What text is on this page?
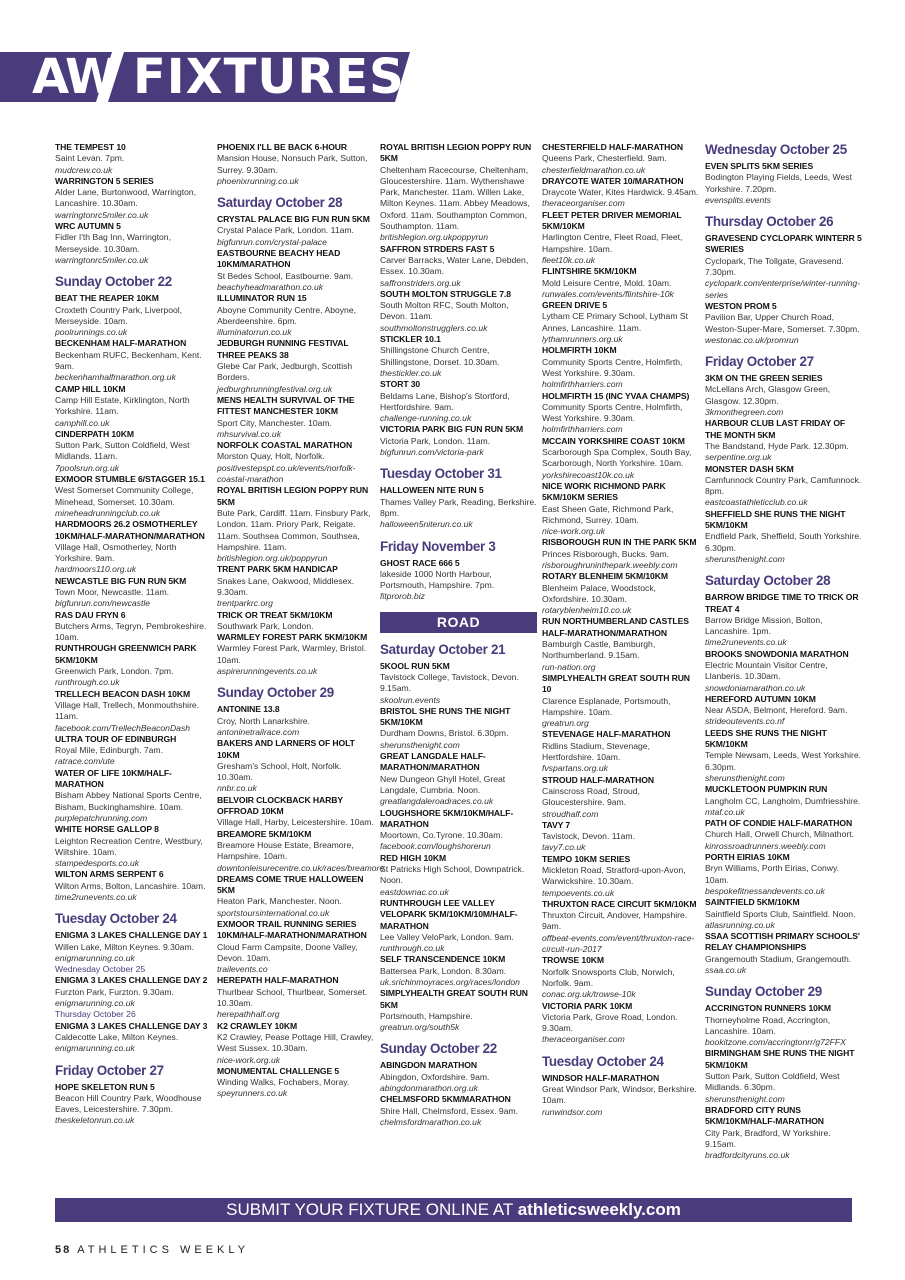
AW FIXTURES
THE TEMPEST 10
Saint Levan. 7pm.
mudcrew.co.uk
WARRINGTON 5 SERIES
Alder Lane, Burtonwood, Warrington, Lancashire. 10.30am.
warringtonrc5miler.co.uk
WRC AUTUMN 5
Fidler I'th Bag Inn, Warrington, Merseyside. 10.30am.
warringtonrc5miler.co.uk
Sunday October 22
BEAT THE REAPER 10KM
Croxteth Country Park, Liverpool, Merseyside. 10am.
poolrunnings.co.uk
BECKENHAM HALF-MARATHON
Beckenham RUFC, Beckenham, Kent. 9am.
beckenhamhalfmarathon.org.uk
CAMP HILL 10KM
Camp Hill Estate, Kirklington, North Yorkshire. 11am.
camphill.co.uk
CINDERPATH 10KM
Sutton Park, Sutton Coldfield, West Midlands. 11am.
7poolsrun.org.uk
EXMOOR STUMBLE 6/STAGGER 15.1
West Somerset Community College, Minehead, Somerset. 10.30am.
mineheadrunningclub.co.uk
HARDMOORS 26.2 OSMOTHERLEY 10KM/HALF-MARATHON/MARATHON
Village Hall, Osmotherley, North Yorkshire. 9am.
hardmoors110.org.uk
NEWCASTLE BIG FUN RUN 5KM
Town Moor, Newcastle. 11am.
bigfunrun.com/newcastle
RAS DAU FRYN 6
Butchers Arms, Tegryn, Pembrokeshire. 10am.
RUNTHROUGH GREENWICH PARK 5KM/10KM
Greenwich Park, London. 7pm.
runthrough.co.uk
TRELLECH BEACON DASH 10KM
Village Hall, Trellech, Monmouthshire. 11am.
facebook.com/TrellechBeaconDash
ULTRA TOUR OF EDINBURGH
Royal Mile, Edinburgh. 7am.
ratrace.com/ute
WATER OF LIFE 10KM/HALF-MARATHON
Bisham Abbey National Sports Centre, Bisham, Buckinghamshire. 10am.
purplepatchrunning.com
WHITE HORSE GALLOP 8
Leighton Recreation Centre, Westbury, Wiltshire. 10am.
stampedesports.co.uk
WILTON ARMS SERPENT 6
Wilton Arms, Bolton, Lancashire. 10am.
time2runevents.co.uk
Tuesday October 24
ENIGMA 3 LAKES CHALLENGE DAY 1
Willen Lake, Milton Keynes. 9.30am.
enigmarunning.co.uk
Wednesday October 25
ENIGMA 3 LAKES CHALLENGE DAY 2
Furzton Park, Furzton. 9.30am.
enigmarunning.co.uk
Thursday October 26
ENIGMA 3 LAKES CHALLENGE DAY 3
Caldecotte Lake, Milton Keynes.
enigmarunning.co.uk
Friday October 27
HOPE SKELETON RUN 5
Beacon Hill Country Park, Woodhouse Eaves, Leicestershire. 7.30pm.
theskeletonrun.co.uk
PHOENIX I'LL BE BACK 6-HOUR
Mansion House, Nonsuch Park, Sutton, Surrey. 9.30am.
phoenixrunning.co.uk
Saturday October 28
CRYSTAL PALACE BIG FUN RUN 5KM
Crystal Palace Park, London. 11am.
bigfunrun.com/crystal-palace
EASTBOURNE BEACHY HEAD 10KM/MARATHON
St Bedes School, Eastbourne. 9am.
beachyheadmarathon.co.uk
ILLUMINATOR RUN 15
Aboyne Community Centre, Aboyne, Aberdeenshire. 6pm.
illuminatorrun.co.uk
JEDBURGH RUNNING FESTIVAL THREE PEAKS 38
Glebe Car Park, Jedburgh, Scottish Borders.
jedburghrunningfestival.org.uk
MENS HEALTH SURVIVAL OF THE FITTEST MANCHESTER 10KM
Sport City, Manchester. 10am.
mhsurvival.co.uk
NORFOLK COASTAL MARATHON
Morston Quay, Holt, Norfolk.
positivestepspt.co.uk/events/norfolk-coastal-marathon
ROYAL BRITISH LEGION POPPY RUN 5KM
Bute Park, Cardiff. 11am. Finsbury Park, London. 11am. Priory Park, Reigate. 11am. Southsea Common, Southsea, Hampshire. 11am.
britishlegion.org.uk/poppyrun
TRENT PARK 5KM HANDICAP
Snakes Lane, Oakwood, Middlesex. 9.30am.
trentparkrc.org
TRICK OR TREAT 5KM/10KM
Southwark Park, London.
WARMLEY FOREST PARK 5KM/10KM
Warmley Forest Park, Warmley, Bristol. 10am.
aspirerunningevents.co.uk
Sunday October 29
ANTONINE 13.8
Croy, North Lanarkshire.
antoninetrailrace.com
BAKERS AND LARNERS OF HOLT 10KM
Gresham's School, Holt, Norfolk. 10.30am.
nnbr.co.uk
BELVOIR CLOCKBACK HARBY OFFROAD 10KM
Village Hall, Harby, Leicestershire. 10am.
BREAMORE 5KM/10KM
Breamore House Estate, Breamore, Hampshire. 10am.
downtonleisurecentre.co.uk/races/breamore
DREAMS COME TRUE HALLOWEEN 5KM
Heaton Park, Manchester. Noon.
sportstoursinternational.co.uk
EXMOOR TRAIL RUNNING SERIES 10KM/HALF-MARATHON/MARATHON
Cloud Farm Campsite, Doone Valley, Devon. 10am.
trailevents.co
HEREPATH HALF-MARATHON
Thurlbear School, Thurlbear, Somerset. 10.30am.
herepathhalf.org
K2 CRAWLEY 10KM
K2 Crawley, Pease Pottage Hill, Crawley, West Sussex. 10.30am.
nice-work.org.uk
MONUMENTAL CHALLENGE 5
Winding Walks, Fochabers, Moray.
speyrunners.co.uk
ROYAL BRITISH LEGION POPPY RUN 5KM
Cheltenham Racecourse, Cheltenham, Gloucestershire. 11am. Wythenshawe Park, Manchester. 11am. Willen Lake, Milton Keynes. 11am. Abbey Meadows, Oxford. 11am. Southampton Common, Southampton. 11am.
britishlegion.org.ukpoppyrun
SAFFRON STRDERS FAST 5
Carver Barracks, Water Lane, Debden, Essex. 10.30am.
saffronstriders.org.uk
SOUTH MOLTON STRUGGLE 7.8
South Molton RFC, South Molton, Devon. 11am.
southmoltonstrugglers.co.uk
STICKLER 10.1
Shillingstone Church Centre, Shillingstone, Dorset. 10.30am.
thestickler.co.uk
STORT 30
Beldams Lane, Bishop's Stortford, Hertfordshire. 9am.
challenge-running.co.uk
VICTORIA PARK BIG FUN RUN 5KM
Victoria Park, London. 11am.
bigfunrun.com/victoria-park
Tuesday October 31
HALLOWEEN NITE RUN 5
Thames Valley Park, Reading, Berkshire. 8pm.
halloween5niterun.co.uk
Friday November 3
GHOST RACE 666 5
lakeside 1000 North Harbour, Portsmouth, Hampshire. 7pm.
fitprorob.biz
ROAD
Saturday October 21
5KOOL RUN 5KM
Tavistock College, Tavistock, Devon. 9.15am.
skoolrun.events
BRISTOL SHE RUNS THE NIGHT 5KM/10KM
Durdham Downs, Bristol. 6.30pm.
sherunsthenight.com
GREAT LANGDALE HALF-MARATHON/MARATHON
New Dungeon Ghyll Hotel, Great Langdale, Cumbria. Noon.
greatlangdaleroadraces.co.uk
LOUGHSHORE 5KM/10KM/HALF-MARATHON
Moortown, Co.Tyrone. 10.30am.
facebook.com/loughshorerun
RED HIGH 10KM
St Patricks High School, Downpatrick. Noon.
eastdownac.co.uk
RUNTHROUGH LEE VALLEY VELOPARK 5KM/10KM/10M/HALF-MARATHON
Lee Valley VeloPark, London. 9am.
runthrough.co.uk
SELF TRANSCENDENCE 10KM
Battersea Park, London. 8.30am.
uk.srichinmoyraces.org/races/london
SIMPLYHEALTH GREAT SOUTH RUN 5KM
Portsmouth, Hampshire.
greatrun.org/south5k
Sunday October 22
ABINGDON MARATHON
Abingdon, Oxfordshire. 9am.
abingdonmarathon.org.uk
CHELMSFORD 5KM/MARATHON
Shire Hall, Chelmsford, Essex. 9am.
chelmsfordmarathon.co.uk
CHESTERFIELD HALF-MARATHON
Queens Park, Chesterfield. 9am.
chesterfieldmarathon.co.uk
DRAYCOTE WATER 10/MARATHON
Draycote Water, Kites Hardwick. 9.45am.
theraceorganiser.com
FLEET PETER DRIVER MEMORIAL 5KM/10KM
Harlington Centre, Fleet Road, Fleet, Hampshire. 10am.
fleet10k.co.uk
FLINTSHIRE 5KM/10KM
Mold Leisure Centre, Mold. 10am.
runwales.com/events/flintshire-10k
GREEN DRIVE 5
Lytham CE Primary School, Lytham St Annes, Lancashire. 11am.
lythamrunners.org.uk
HOLMFIRTH 10KM
Community Sports Centre, Holmfirth, West Yorkshire. 9.30am.
holmfirthharriers.com
HOLMFIRTH 15 (INC YVAA CHAMPS)
Community Sports Centre, Holmfirth, West Yorkshire. 9.30am.
holmfirthharriers.com
MCCAIN YORKSHIRE COAST 10KM
Scarborough Spa Complex, South Bay, Scarborough, North Yorkshire. 10am.
yorkshirecoast10k.co.uk
NICE WORK RICHMOND PARK 5KM/10KM SERIES
East Sheen Gate, Richmond Park, Richmond, Surrey. 10am.
nice-work.org.uk
RISBOROUGH RUN IN THE PARK 5KM
Princes Risborough, Bucks. 9am.
risboroughruninthepark.weebly.com
ROTARY BLENHEIM 5KM/10KM
Blenheim Palace, Woodstock, Oxfordshire. 10.30am.
rotaryblenheim10.co.uk
RUN NORTHUMBERLAND CASTLES HALF-MARATHON/MARATHON
Bamburgh Castle, Bamburgh, Northumberland. 9.15am.
run-nation.org
SIMPLYHEALTH GREAT SOUTH RUN 10
Clarence Esplanade, Portsmouth, Hampshire. 10am.
greatrun.org
STEVENAGE HALF-MARATHON
Ridlins Stadium, Stevenage, Hertfordshire. 10am.
fvspartans.org.uk
STROUD HALF-MARATHON
Cainscross Road, Stroud, Gloucestershire. 9am.
stroudhalf.com
TAVY 7
Tavistock, Devon. 11am.
tavy7.co.uk
TEMPO 10KM SERIES
Mickleton Road, Stratford-upon-Avon, Warwickshire. 10.30am.
tempoevents.co.uk
THRUXTON RACE CIRCUIT 5KM/10KM
Thruxton Circuit, Andover, Hampshire. 9am.
offbeat-events.com/event/thruxton-race-circuit-run-2017
TROWSE 10KM
Norfolk Snowsports Club, Norwich, Norfolk. 9am.
conac.org.uk/trowse-10k
VICTORIA PARK 10KM
Victoria Park, Grove Road, London. 9.30am.
theraceorganiser.com
Tuesday October 24
WINDSOR HALF-MARATHON
Great Windsor Park, Windsor, Berkshire. 10am.
runwindsor.com
Wednesday October 25
EVEN SPLITS 5KM SERIES
Bodington Playing Fields, Leeds, West Yorkshire. 7.20pm.
evensplits.events
Thursday October 26
GRAVESEND CYCLOPARK WINTERR 5 SWERIES
Cyclopark, The Tollgate, Gravesend. 7.30pm.
cyclopark.com/enterprise/winter-running-series
WESTON PROM 5
Pavilion Bar, Upper Church Road, Weston-Super-Mare, Somerset. 7.30pm.
westonac.co.uk/promrun
Friday October 27
3KM ON THE GREEN SERIES
McLellans Arch, Glasgow Green, Glasgow. 12.30pm.
3kmonthegreen.com
HARBOUR CLUB LAST FRIDAY OF THE MONTH 5KM
The Bandstand, Hyde Park. 12.30pm.
serpentine.org.uk
MONSTER DASH 5KM
Camfunnock Country Park, Camfunnock. 8pm.
eastcoastathleticclub.co.uk
SHEFFIELD SHE RUNS THE NIGHT 5KM/10KM
Endfield Park, Sheffield, South Yorkshire. 6.30pm.
sherunsthenight.com
Saturday October 28
BARROW BRIDGE TIME TO TRICK OR TREAT 4
Barrow Bridge Mission, Bolton, Lancashire. 1pm.
time2runevents.co.uk
BROOKS SNOWDONIA MARATHON
Electric Mountain Visitor Centre, Llanberis. 10.30am.
snowdoniamarathon.co.uk
HEREFORD AUTUMN 10KM
Near ASDA, Belmont, Hereford. 9am.
strideoutevents.co.nf
LEEDS SHE RUNS THE NIGHT 5KM/10KM
Temple Newsam, Leeds, West Yorkshire. 6.30pm.
sherunsthenight.com
MUCKLETOON PUMPKIN RUN
Langholm CC, Langholm, Dumfriesshire.
mtaf.co.uk
PATH OF CONDIE HALF-MARATHON
Church Hall, Orwell Church, Milnathort.
kinrossroadrunners.weebly.com
PORTH EIRIAS 10KM
Bryn Williams, Porth Eirias, Conwy. 10am.
bespokefitnessandevents.co.uk
SAINTFIELD 5KM/10KM
Saintfield Sports Club, Saintfield. Noon.
atlasrunning.co.uk
SSAA SCOTTISH PRIMARY SCHOOLS' RELAY CHAMPIONSHIPS
Grangemouth Stadium, Grangemouth.
ssaa.co.uk
Sunday October 29
ACCRINGTON RUNNERS 10KM
Thorneyholme Road, Accrington, Lancashire. 10am.
bookitzone.com/accringtonrr/g72FFX
BIRMINGHAM SHE RUNS THE NIGHT 5KM/10KM
Sutton Park, Sutton Coldfield, West Midlands. 6.30pm.
sherunsthenight.com
BRADFORD CITY RUNS 5KM/10KM/HALF-MARATHON
City Park, Bradford, W Yorkshire. 9.15am.
bradfordcityruns.co.uk
SUBMIT YOUR FIXTURE ONLINE AT athleticsweekly.com
58 ATHLETICS WEEKLY
